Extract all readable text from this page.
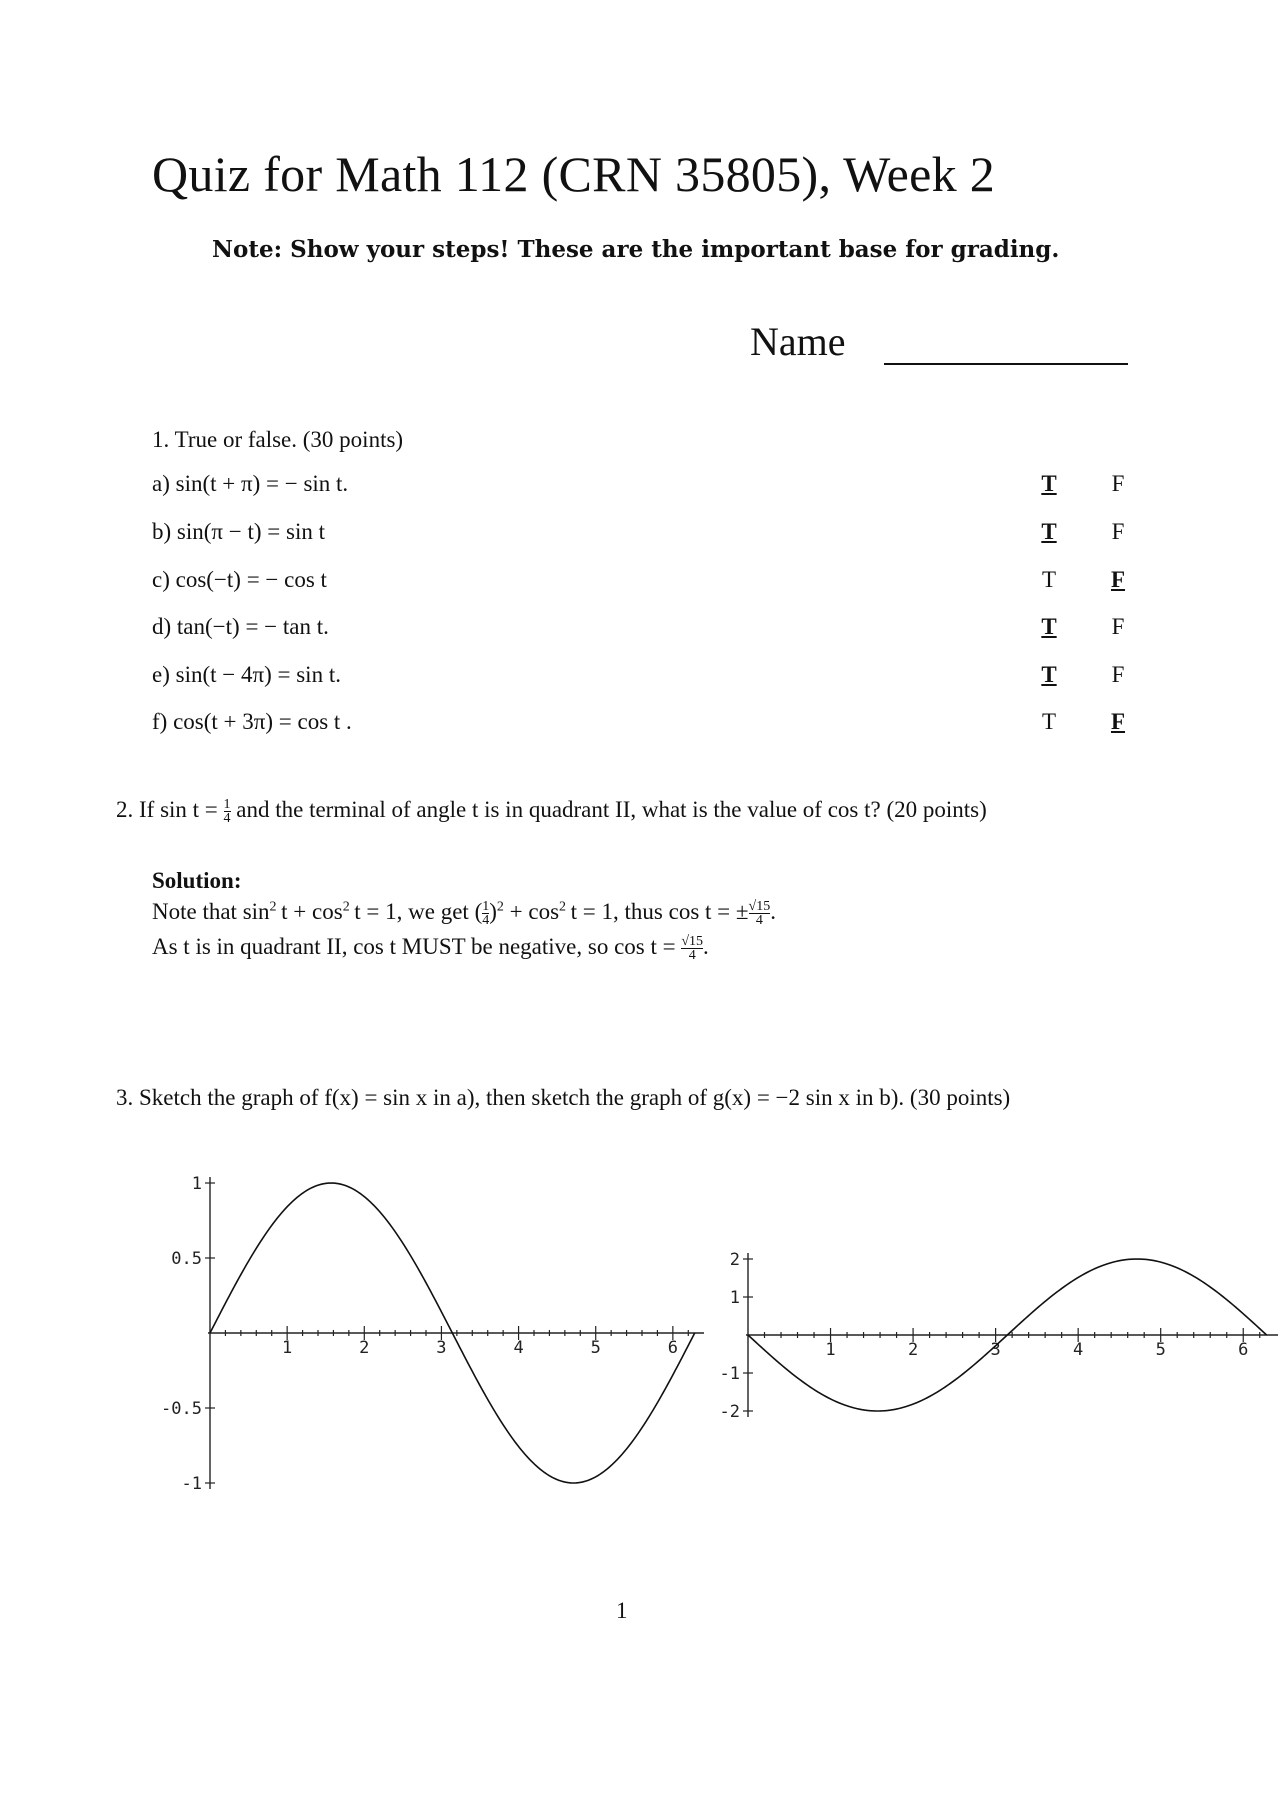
Quiz for Math 112 (CRN 35805), Week 2
Note: Show your steps! These are the important base for grading.
Name
1. True or false. (30 points)
a) sin(t + π) = − sin t.	T F
b) sin(π − t) = sin t	T F
c) cos(−t) = − cos t	T F
d) tan(−t) = − tan t.	T F
e) sin(t − 4π) = sin t.	T F
f) cos(t + 3π) = cos t .	T F
2. If $\sin t = \frac{1}{4}$ and the terminal of angle t is in quadrant II, what is the value of cos t? (20 points)
Solution:
Note that $\sin^2 t + \cos^2 t = 1$, we get ( $\frac{1}{4} )^2 + \cos^2 t = 1$, thus cos t = ± $\frac{√15}{4}$ .
As t is in quadrant II, cos t MUST be negative, so $\cos t = \frac{√15}{4}$ .
3. Sketch the graph of f(x) = sin x in a), then sketch the graph of g(x) = −2 sin x in b). (30 points)
1	2	3	4	5	6
1
0.5
-0.5
-1
1	2	3	4	5	6
2
1
-1
-2
1
